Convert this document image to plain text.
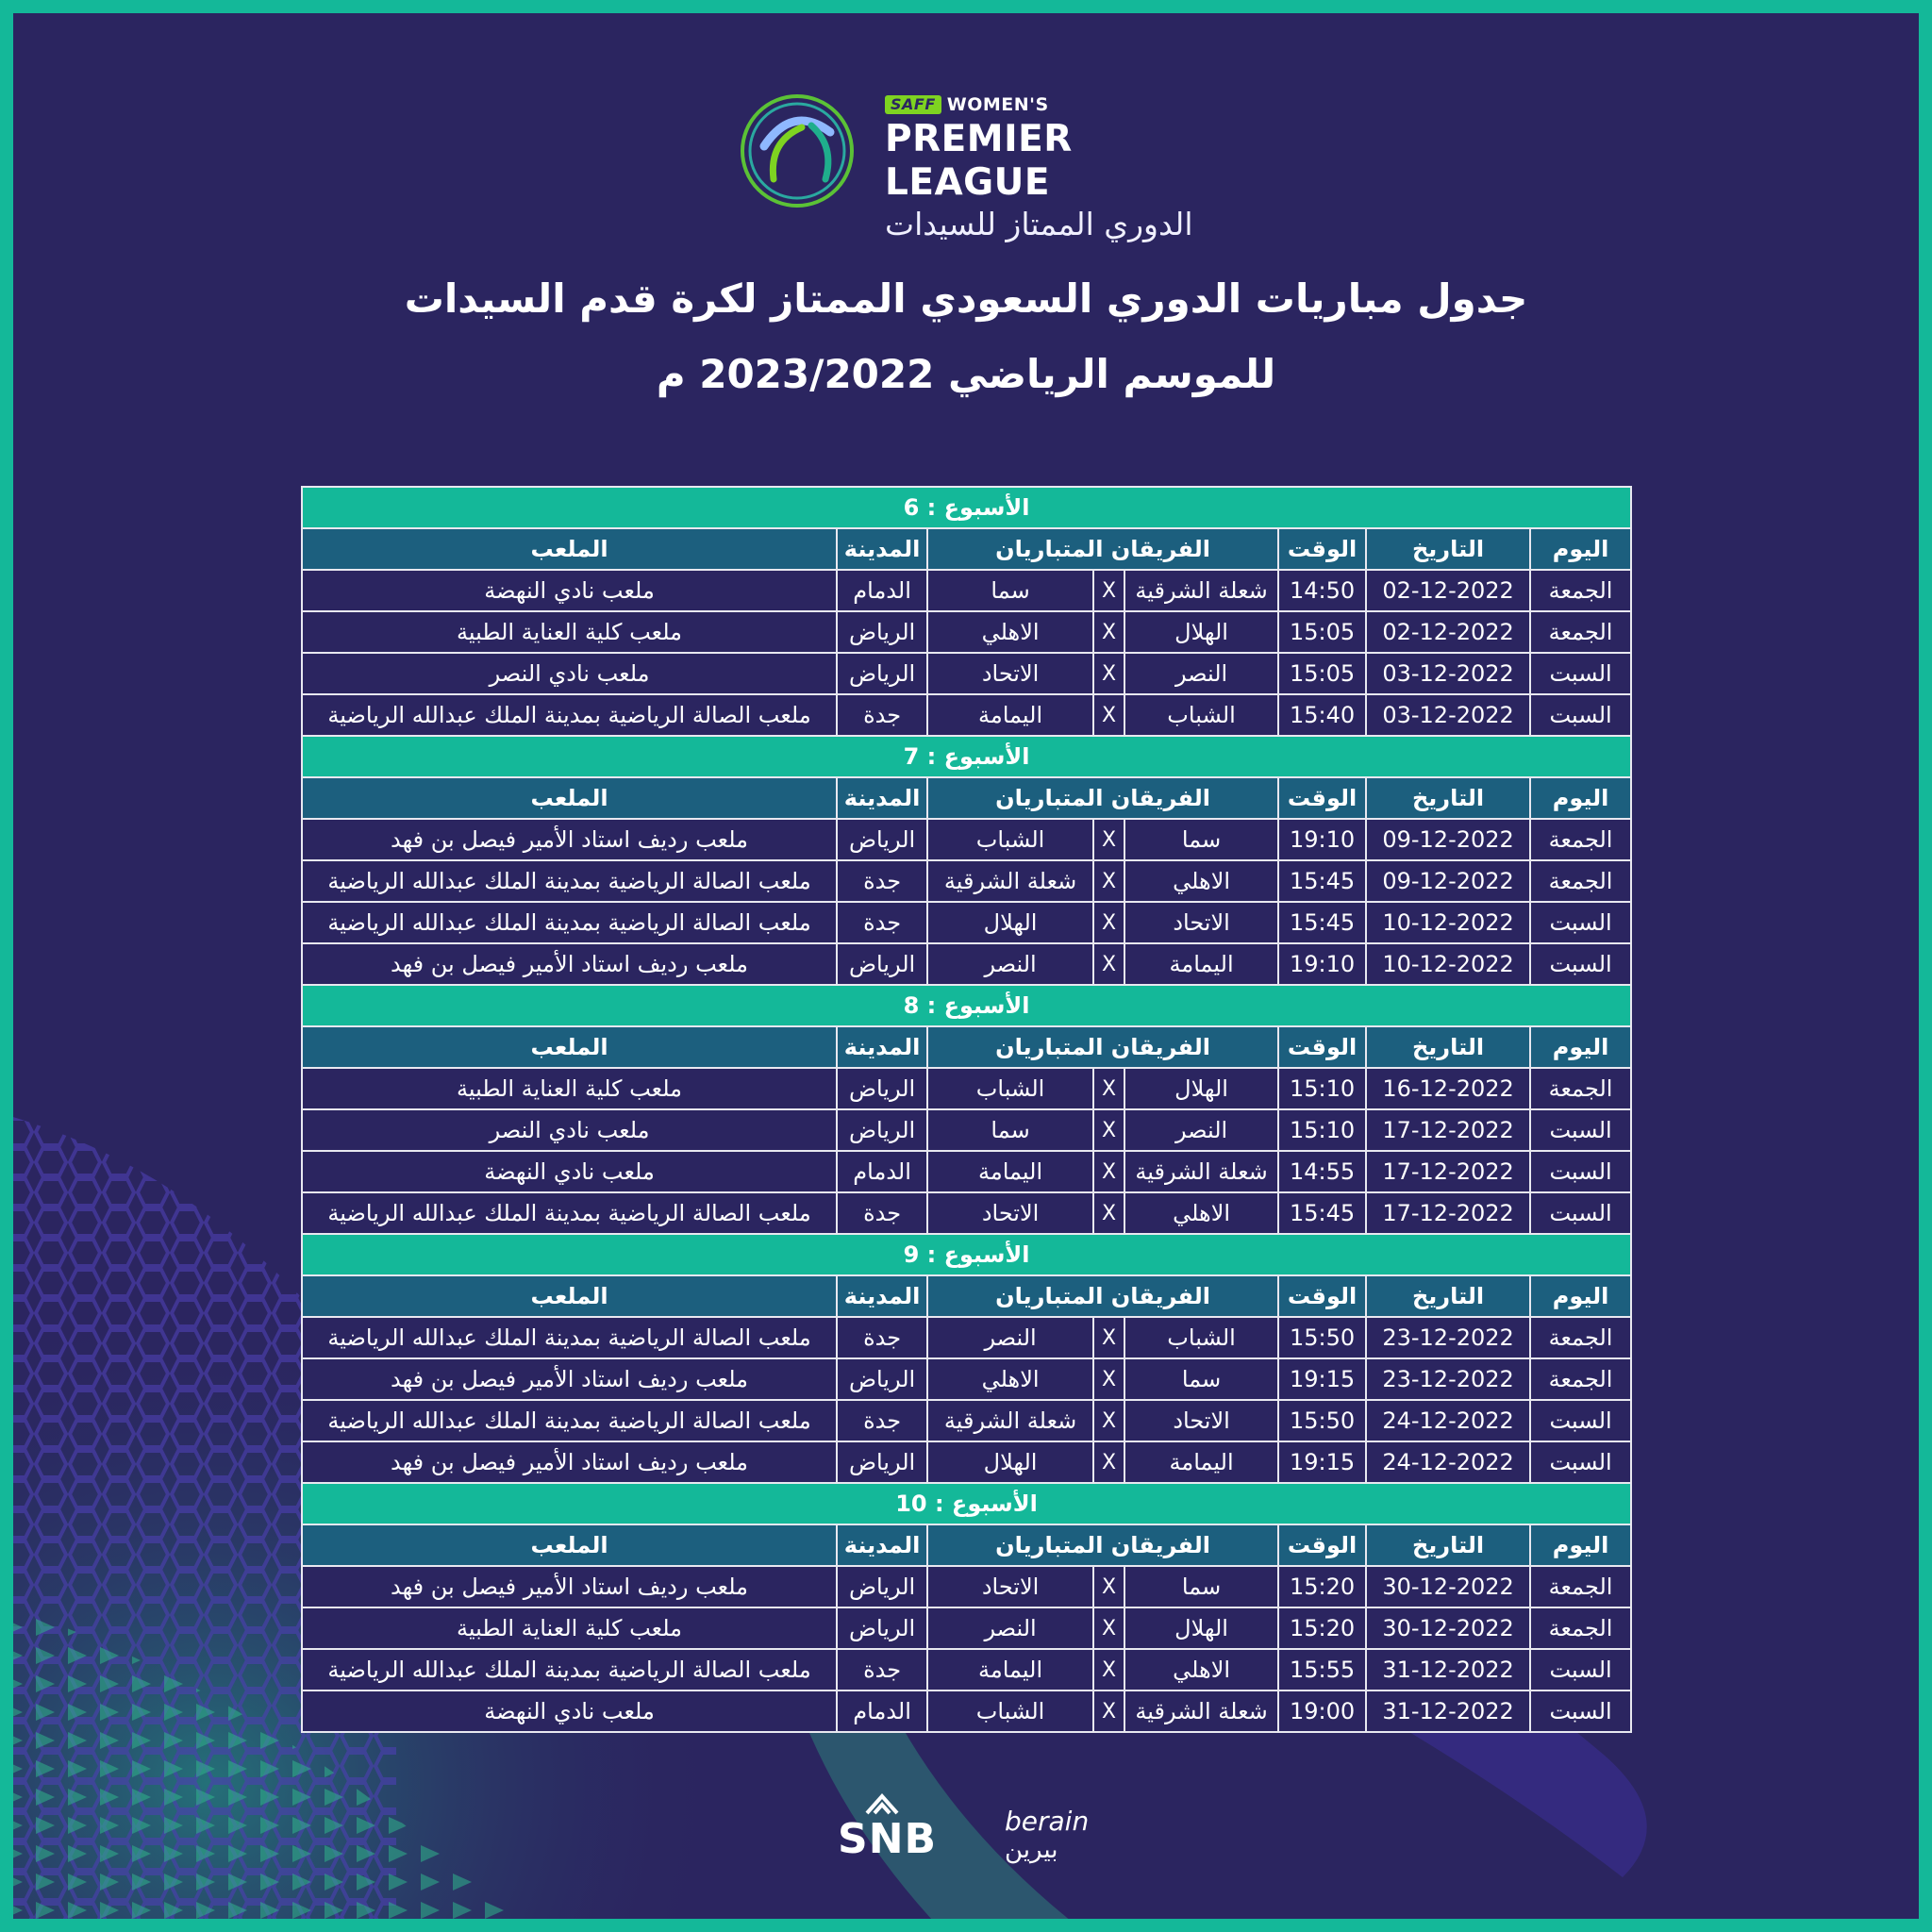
SAFF WOMEN'S
PREMIER LEAGUE
الدوري الممتاز للسيدات
جدول مباريات الدوري السعودي الممتاز لكرة قدم السيدات
للموسم الرياضي 2023/2022 م
الأسبوع : 6							
اليوم	التاريخ	الوقت	الفريقان المتباريان			المدينة	الملعب
الجمعة	02-12-2022	14:50	شعلة الشرقية	X	سما	الدمام	ملعب نادي النهضة
الجمعة	02-12-2022	15:05	الهلال	X	الاهلي	الرياض	ملعب كلية العناية الطبية
السبت	03-12-2022	15:05	النصر	X	الاتحاد	الرياض	ملعب نادي النصر
السبت	03-12-2022	15:40	الشباب	X	اليمامة	جدة	ملعب الصالة الرياضية بمدينة الملك عبدالله الرياضية
الأسبوع : 7							
اليوم	التاريخ	الوقت	الفريقان المتباريان			المدينة	الملعب
الجمعة	09-12-2022	19:10	سما	X	الشباب	الرياض	ملعب رديف استاد الأمير فيصل بن فهد
الجمعة	09-12-2022	15:45	الاهلي	X	شعلة الشرقية	جدة	ملعب الصالة الرياضية بمدينة الملك عبدالله الرياضية
السبت	10-12-2022	15:45	الاتحاد	X	الهلال	جدة	ملعب الصالة الرياضية بمدينة الملك عبدالله الرياضية
السبت	10-12-2022	19:10	اليمامة	X	النصر	الرياض	ملعب رديف استاد الأمير فيصل بن فهد
الأسبوع : 8							
اليوم	التاريخ	الوقت	الفريقان المتباريان			المدينة	الملعب
الجمعة	16-12-2022	15:10	الهلال	X	الشباب	الرياض	ملعب كلية العناية الطبية
السبت	17-12-2022	15:10	النصر	X	سما	الرياض	ملعب نادي النصر
السبت	17-12-2022	14:55	شعلة الشرقية	X	اليمامة	الدمام	ملعب نادي النهضة
السبت	17-12-2022	15:45	الاهلي	X	الاتحاد	جدة	ملعب الصالة الرياضية بمدينة الملك عبدالله الرياضية
الأسبوع : 9							
اليوم	التاريخ	الوقت	الفريقان المتباريان			المدينة	الملعب
الجمعة	23-12-2022	15:50	الشباب	X	النصر	جدة	ملعب الصالة الرياضية بمدينة الملك عبدالله الرياضية
الجمعة	23-12-2022	19:15	سما	X	الاهلي	الرياض	ملعب رديف استاد الأمير فيصل بن فهد
السبت	24-12-2022	15:50	الاتحاد	X	شعلة الشرقية	جدة	ملعب الصالة الرياضية بمدينة الملك عبدالله الرياضية
السبت	24-12-2022	19:15	اليمامة	X	الهلال	الرياض	ملعب رديف استاد الأمير فيصل بن فهد
الأسبوع : 10							
اليوم	التاريخ	الوقت	الفريقان المتباريان			المدينة	الملعب
الجمعة	30-12-2022	15:20	سما	X	الاتحاد	الرياض	ملعب رديف استاد الأمير فيصل بن فهد
الجمعة	30-12-2022	15:20	الهلال	X	النصر	الرياض	ملعب كلية العناية الطبية
السبت	31-12-2022	15:55	الاهلي	X	اليمامة	جدة	ملعب الصالة الرياضية بمدينة الملك عبدالله الرياضية
السبت	31-12-2022	19:00	شعلة الشرقية	X	الشباب	الدمام	ملعب نادي النهضة
SNB	berain
بيرين
